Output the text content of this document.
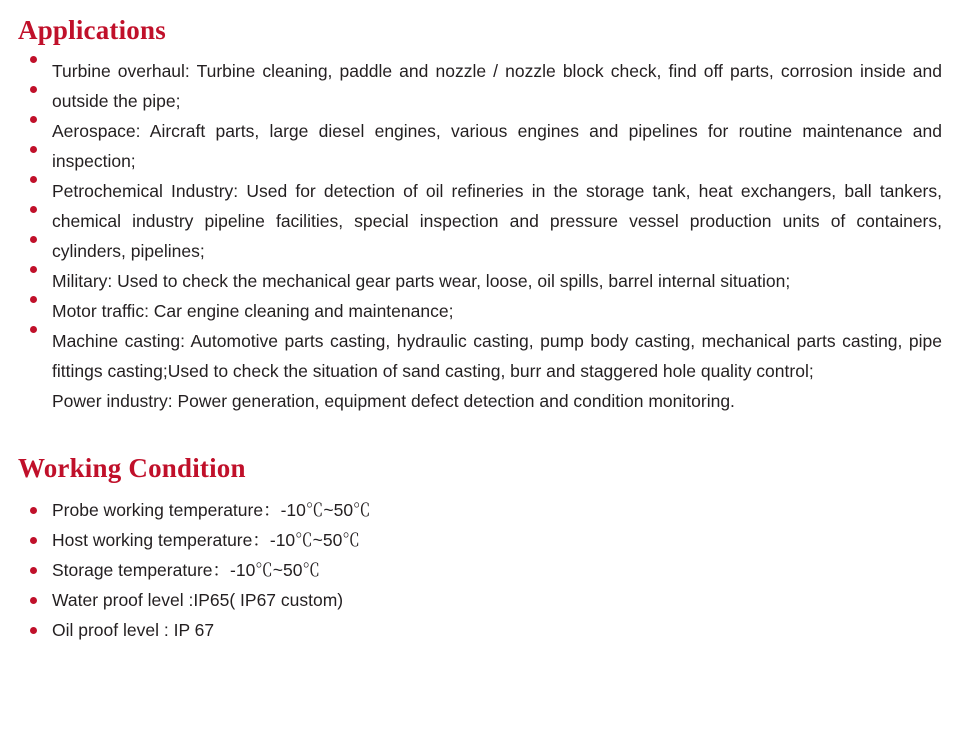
Applications

Turbine overhaul: Turbine cleaning, paddle and nozzle / nozzle block check, find off parts, corrosion inside and outside the pipe;

Aerospace: Aircraft parts, large diesel engines, various engines and pipelines for routine maintenance and inspection;

Petrochemical Industry: Used for detection of oil refineries in the storage tank, heat exchangers, ball tankers, chemical industry pipeline facilities, special inspection and pressure vessel production units of containers, cylinders, pipelines;

Military: Used to check the mechanical gear parts wear, loose, oil spills, barrel internal situation;

Motor traffic: Car engine cleaning and maintenance;

Machine casting: Automotive parts casting, hydraulic casting, pump body casting, mechanical parts casting, pipe fittings casting;Used to check the situation of sand casting, burr and staggered hole quality control;

Power industry: Power generation, equipment defect detection and condition monitoring.

Working Condition
Probe working temperature：-10℃~50℃
Host working temperature：-10℃~50℃
Storage temperature：-10℃~50℃
Water proof level :IP65( IP67 custom)
Oil proof level : IP 67
